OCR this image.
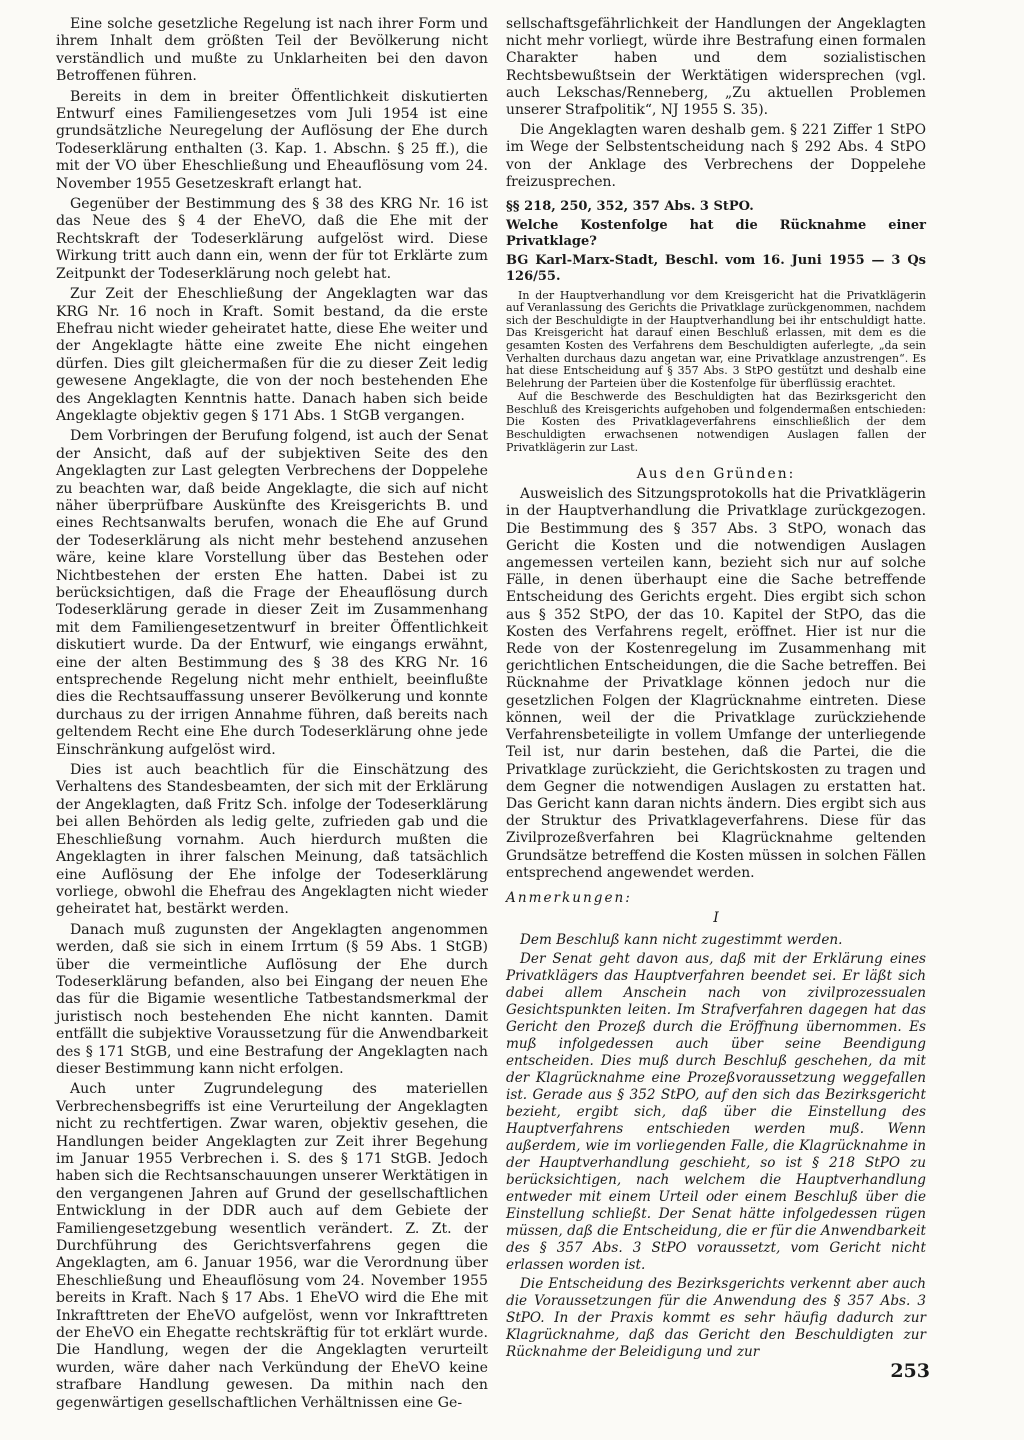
Eine solche gesetzliche Regelung ist nach ihrer Form und ihrem Inhalt dem größten Teil der Bevölkerung nicht verständlich und mußte zu Unklarheiten bei den davon Betroffenen führen.

Bereits in dem in breiter Öffentlichkeit diskutierten Entwurf eines Familiengesetzes vom Juli 1954 ist eine grundsätzliche Neuregelung der Auflösung der Ehe durch Todeserklärung enthalten (3. Kap. 1. Abschn. § 25 ff.), die mit der VO über Eheschließung und Eheauflösung vom 24. November 1955 Gesetzeskraft erlangt hat.

Gegenüber der Bestimmung des § 38 des KRG Nr. 16 ist das Neue des § 4 der EheVO, daß die Ehe mit der Rechtskraft der Todeserklärung aufgelöst wird. Diese Wirkung tritt auch dann ein, wenn der für tot Erklärte zum Zeitpunkt der Todeserklärung noch gelebt hat.

Zur Zeit der Eheschließung der Angeklagten war das KRG Nr. 16 noch in Kraft. Somit bestand, da die erste Ehefrau nicht wieder geheiratet hatte, diese Ehe weiter und der Angeklagte hätte eine zweite Ehe nicht eingehen dürfen. Dies gilt gleichermaßen für die zu dieser Zeit ledig gewesene Angeklagte, die von der noch bestehenden Ehe des Angeklagten Kenntnis hatte. Danach haben sich beide Angeklagte objektiv gegen § 171 Abs. 1 StGB vergangen.

Dem Vorbringen der Berufung folgend, ist auch der Senat der Ansicht, daß auf der subjektiven Seite des den Angeklagten zur Last gelegten Verbrechens der Doppelehe zu beachten war, daß beide Angeklagte, die sich auf nicht näher überprüfbare Auskünfte des Kreisgerichts B. und eines Rechtsanwalts berufen, wonach die Ehe auf Grund der Todeserklärung als nicht mehr bestehend anzusehen wäre, keine klare Vorstellung über das Bestehen oder Nichtbestehen der ersten Ehe hatten. Dabei ist zu berücksichtigen, daß die Frage der Eheauflösung durch Todeserklärung gerade in dieser Zeit im Zusammenhang mit dem Familiengesetzentwurf in breiter Öffentlichkeit diskutiert wurde. Da der Entwurf, wie eingangs erwähnt, eine der alten Bestimmung des § 38 des KRG Nr. 16 entsprechende Regelung nicht mehr enthielt, beeinflußte dies die Rechtsauffassung unserer Bevölkerung und konnte durchaus zu der irrigen Annahme führen, daß bereits nach geltendem Recht eine Ehe durch Todeserklärung ohne jede Einschränkung aufgelöst wird.

Dies ist auch beachtlich für die Einschätzung des Verhaltens des Standesbeamten, der sich mit der Erklärung der Angeklagten, daß Fritz Sch. infolge der Todeserklärung bei allen Behörden als ledig gelte, zufrieden gab und die Eheschließung vornahm. Auch hierdurch mußten die Angeklagten in ihrer falschen Meinung, daß tatsächlich eine Auflösung der Ehe infolge der Todeserklärung vorliege, obwohl die Ehefrau des Angeklagten nicht wieder geheiratet hat, bestärkt werden.

Danach muß zugunsten der Angeklagten angenommen werden, daß sie sich in einem Irrtum (§ 59 Abs. 1 StGB) über die vermeintliche Auflösung der Ehe durch Todeserklärung befanden, also bei Eingang der neuen Ehe das für die Bigamie wesentliche Tatbestandsmerkmal der juristisch noch bestehenden Ehe nicht kannten. Damit entfällt die subjektive Voraussetzung für die Anwendbarkeit des § 171 StGB, und eine Bestrafung der Angeklagten nach dieser Bestimmung kann nicht erfolgen.

Auch unter Zugrundelegung des materiellen Verbrechensbegriffs ist eine Verurteilung der Angeklagten nicht zu rechtfertigen. Zwar waren, objektiv gesehen, die Handlungen beider Angeklagten zur Zeit ihrer Begehung im Januar 1955 Verbrechen i. S. des § 171 StGB. Jedoch haben sich die Rechtsanschauungen unserer Werktätigen in den vergangenen Jahren auf Grund der gesellschaftlichen Entwicklung in der DDR auch auf dem Gebiete der Familiengesetzgebung wesentlich verändert. Z. Zt. der Durchführung des Gerichtsverfahrens gegen die Angeklagten, am 6. Januar 1956, war die Verordnung über Eheschließung und Eheauflösung vom 24. November 1955 bereits in Kraft. Nach § 17 Abs. 1 EheVO wird die Ehe mit Inkrafttreten der EheVO aufgelöst, wenn vor Inkrafttreten der EheVO ein Ehegatte rechtskräftig für tot erklärt wurde. Die Handlung, wegen der die Angeklagten verurteilt wurden, wäre daher nach Verkündung der EheVO keine strafbare Handlung gewesen. Da mithin nach den gegenwärtigen gesellschaftlichen Verhältnissen eine Ge-

sellschaftsgefährlichkeit der Handlungen der Angeklagten nicht mehr vorliegt, würde ihre Bestrafung einen formalen Charakter haben und dem sozialistischen Rechtsbewußtsein der Werktätigen widersprechen (vgl. auch Lekschas/Renneberg, „Zu aktuellen Problemen unserer Strafpolitik“, NJ 1955 S. 35).

Die Angeklagten waren deshalb gem. § 221 Ziffer 1 StPO im Wege der Selbstentscheidung nach § 292 Abs. 4 StPO von der Anklage des Verbrechens der Doppelehe freizusprechen.

§§ 218, 250, 352, 357 Abs. 3 StPO.

Welche Kostenfolge hat die Rücknahme einer Privatklage?

BG Karl-Marx-Stadt, Beschl. vom 16. Juni 1955 — 3 Qs 126/55.

In der Hauptverhandlung vor dem Kreisgericht hat die Privatklägerin auf Veranlassung des Gerichts die Privatklage zurückgenommen, nachdem sich der Beschuldigte in der Hauptverhandlung bei ihr entschuldigt hatte. Das Kreisgericht hat darauf einen Beschluß erlassen, mit dem es die gesamten Kosten des Verfahrens dem Beschuldigten auferlegte, „da sein Verhalten durchaus dazu angetan war, eine Privatklage anzustrengen“. Es hat diese Entscheidung auf § 357 Abs. 3 StPO gestützt und deshalb eine Belehrung der Parteien über die Kostenfolge für überflüssig erachtet.

Auf die Beschwerde des Beschuldigten hat das Bezirksgericht den Beschluß des Kreisgerichts aufgehoben und folgendermaßen entschieden: Die Kosten des Privatklageverfahrens einschließlich der dem Beschuldigten erwachsenen notwendigen Auslagen fallen der Privatklägerin zur Last.

Aus den Gründen:

Ausweislich des Sitzungsprotokolls hat die Privatklägerin in der Hauptverhandlung die Privatklage zurückgezogen. Die Bestimmung des § 357 Abs. 3 StPO, wonach das Gericht die Kosten und die notwendigen Auslagen angemessen verteilen kann, bezieht sich nur auf solche Fälle, in denen überhaupt eine die Sache betreffende Entscheidung des Gerichts ergeht. Dies ergibt sich schon aus § 352 StPO, der das 10. Kapitel der StPO, das die Kosten des Verfahrens regelt, eröffnet. Hier ist nur die Rede von der Kostenregelung im Zusammenhang mit gerichtlichen Entscheidungen, die die Sache betreffen. Bei Rücknahme der Privatklage können jedoch nur die gesetzlichen Folgen der Klagrücknahme eintreten. Diese können, weil der die Privatklage zurückziehende Verfahrensbeteiligte in vollem Umfange der unterliegende Teil ist, nur darin bestehen, daß die Partei, die die Privatklage zurückzieht, die Gerichtskosten zu tragen und dem Gegner die notwendigen Auslagen zu erstatten hat. Das Gericht kann daran nichts ändern. Dies ergibt sich aus der Struktur des Privatklageverfahrens. Diese für das Zivilprozeßverfahren bei Klagrücknahme geltenden Grundsätze betreffend die Kosten müssen in solchen Fällen entsprechend angewendet werden.

Anmerkungen:

I

Dem Beschluß kann nicht zugestimmt werden.

Der Senat geht davon aus, daß mit der Erklärung eines Privatklägers das Hauptverfahren beendet sei. Er läßt sich dabei allem Anschein nach von zivilprozessualen Gesichtspunkten leiten. Im Strafverfahren dagegen hat das Gericht den Prozeß durch die Eröffnung übernommen. Es muß infolgedessen auch über seine Beendigung entscheiden. Dies muß durch Beschluß geschehen, da mit der Klagrücknahme eine Prozeßvoraussetzung weggefallen ist. Gerade aus § 352 StPO, auf den sich das Bezirksgericht bezieht, ergibt sich, daß über die Einstellung des Hauptverfahrens entschieden werden muß. Wenn außerdem, wie im vorliegenden Falle, die Klagrücknahme in der Hauptverhandlung geschieht, so ist § 218 StPO zu berücksichtigen, nach welchem die Hauptverhandlung entweder mit einem Urteil oder einem Beschluß über die Einstellung schließt. Der Senat hätte infolgedessen rügen müssen, daß die Entscheidung, die er für die Anwendbarkeit des § 357 Abs. 3 StPO voraussetzt, vom Gericht nicht erlassen worden ist.

Die Entscheidung des Bezirksgerichts verkennt aber auch die Voraussetzungen für die Anwendung des § 357 Abs. 3 StPO. In der Praxis kommt es sehr häufig dadurch zur Klagrücknahme, daß das Gericht den Beschuldigten zur Rücknahme der Beleidigung und zur

253
